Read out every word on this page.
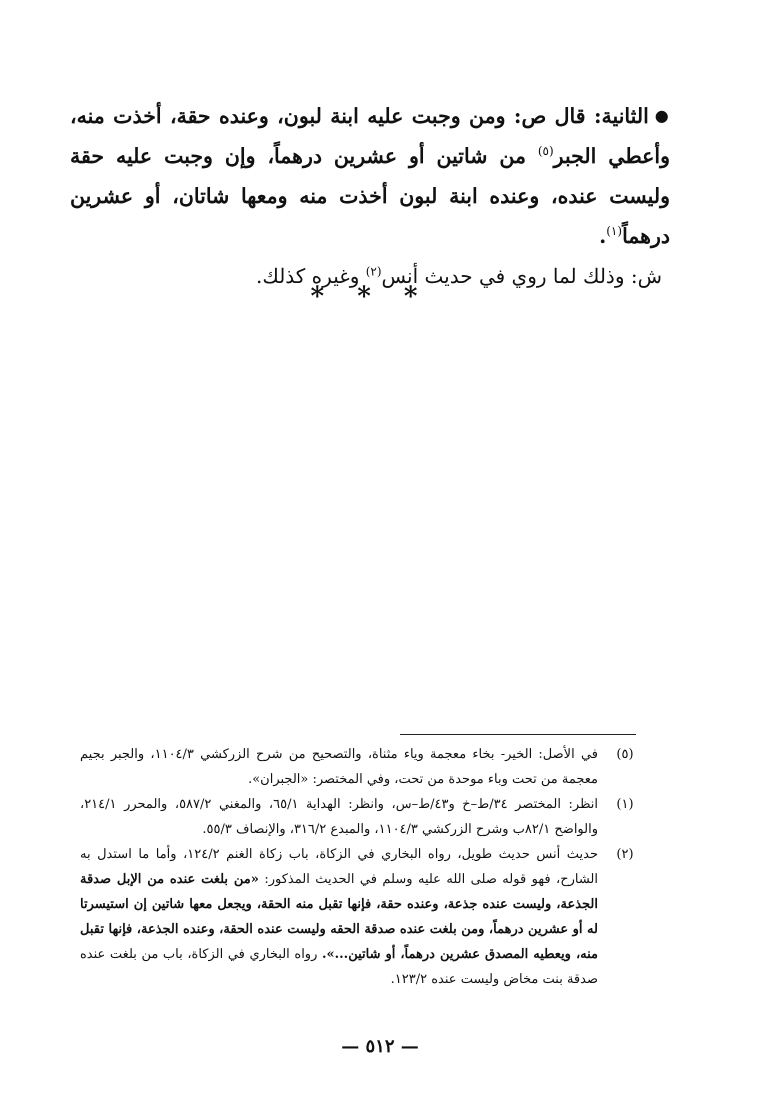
●الثانية: قال ص: ومن وجبت عليه ابنة لبون، وعنده حقة، أخذت منه، وأعطي الجبر$^{(٥)}$ من شاتين أو عشرين درهماً، وإن وجبت عليه حقة وليست عنده، وعنده ابنة لبون أخذت منه ومعها شاتان، أو عشرين درهماً$^{(١)}$.

ش: وذلك لما روي في حديث أنس$^{(٢)}$ وغيره كذلك.

* * *

(٥)
في الأصل: الخير- بخاء معجمة وياء مثناة، والتصحيح من شرح الزركشي ١١٠٤/٣، والجبر بجيم معجمة من تحت وباء موحدة من تحت، وفي المختصر: «الجبران».

(١)
انظر: المختصر ٣٤/ط–خ و٤٣/ط–س، وانظر: الهداية ٦٥/١، والمغني ٥٨٧/٢، والمحرر ٢١٤/١، والواضح ٨٢/١ب وشرح الزركشي ١١٠٤/٣، والمبدع ٣١٦/٢، والإنصاف ٥٥/٣.

(٢)
حديث أنس حديث طويل، رواه البخاري في الزكاة، باب زكاة الغنم ١٢٤/٢، وأما ما استدل به الشارح، فهو قوله صلى الله عليه وسلم في الحديث المذكور: «من بلغت عنده من الإبل صدقة الجذعة، وليست عنده جذعة، وعنده حقة، فإنها تقبل منه الحقة، ويجعل معها شاتين إن استيسرتا له أو عشرين درهماً، ومن بلغت عنده صدقة الحقه وليست عنده الحقة، وعنده الجذعة، فإنها تقبل منه، ويعطيه المصدق عشرين درهماً، أو شاتين...». رواه البخاري في الزكاة، باب من بلغت عنده صدقة بنت مخاض وليست عنده ١٢٣/٢.

— ٥١٢ —
